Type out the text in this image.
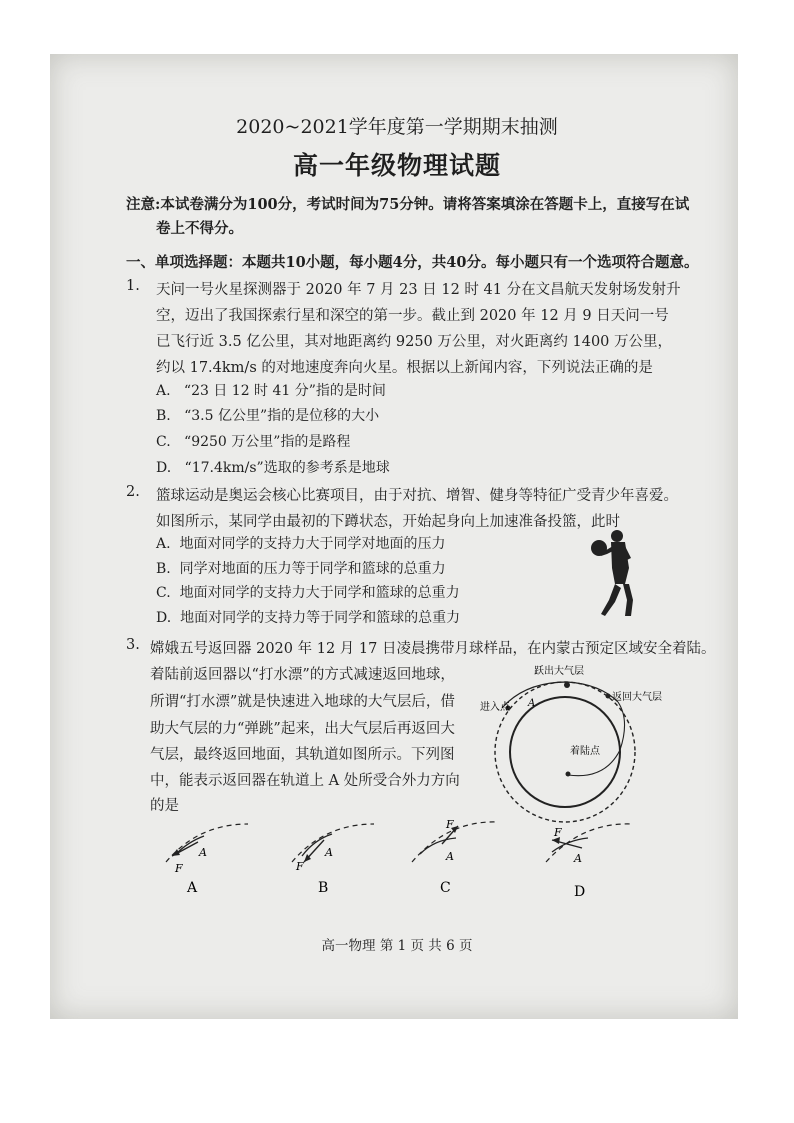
2020~2021学年度第一学期期末抽测
高一年级物理试题
注意:本试卷满分为100分，考试时间为75分钟。请将答案填涂在答题卡上，直接写在试
卷上不得分。
一、单项选择题：本题共10小题，每小题4分，共40分。每小题只有一个选项符合题意。
1. 天问一号火星探测器于 2020 年 7 月 23 日 12 时 41 分在文昌航天发射场发射升
空，迈出了我国探索行星和深空的第一步。截止到 2020 年 12 月 9 日天问一号
已飞行近 3.5 亿公里，其对地距离约 9250 万公里，对火距离约 1400 万公里，
约以 17.4km/s 的对地速度奔向火星。根据以上新闻内容，下列说法正确的是
A. “23 日 12 时 41 分”指的是时间
B. “3.5 亿公里”指的是位移的大小
C. “9250 万公里”指的是路程
D. “17.4km/s”选取的参考系是地球
2. 篮球运动是奥运会核心比赛项目，由于对抗、增智、健身等特征广受青少年喜爱。
如图所示，某同学由最初的下蹲状态，开始起身向上加速准备投篮，此时
A. 地面对同学的支持力大于同学对地面的压力
B. 同学对地面的压力等于同学和篮球的总重力
C. 地面对同学的支持力大于同学和篮球的总重力
D. 地面对同学的支持力等于同学和篮球的总重力
3. 嫦娥五号返回器 2020 年 12 月 17 日凌晨携带月球样品，在内蒙古预定区域安全着陆。
着陆前返回器以“打水漂”的方式减速返回地球，
所谓“打水漂”就是快速进入地球的大气层后，借
助大气层的力“弹跳”起来，出大气层后再返回大
气层，最终返回地面，其轨道如图所示。下列图
中，能表示返回器在轨道上 A 处所受合外力方向
的是
跃出大气层
进入点
返回大气层
着陆点
A
A
F
A
A
F
B
A
F
C
A
F
D
高一物理 第 1 页 共 6 页
